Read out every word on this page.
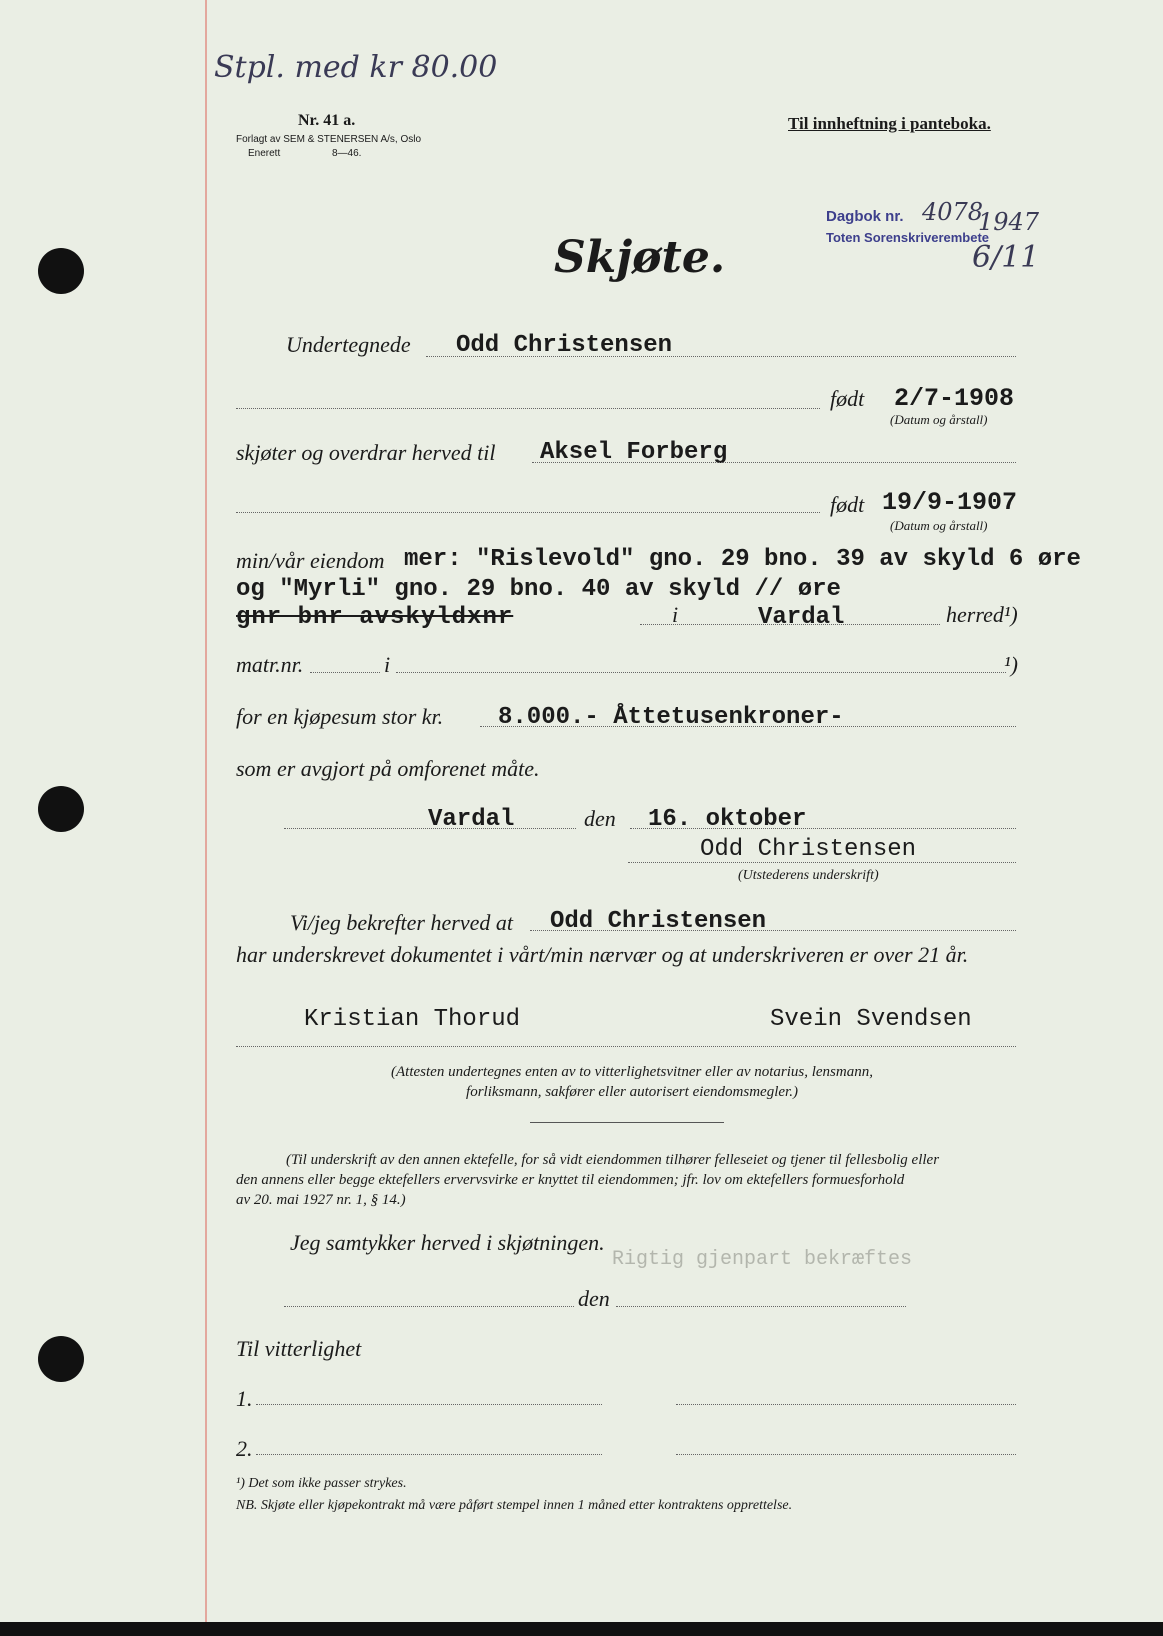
Stpl. med kr 80.00
Nr. 41 a.
Forlagt av SEM & STENERSEN A/s, Oslo
Enerett	8—46.
Til innheftning i panteboka.
Dagbok nr. 4078
1947
Toten Sorenskriverembete
6/11
Skjøte.
Undertegnede Odd Christensen
født 2/7-1908
(Datum og årstall)
skjøter og overdrar herved til Aksel Forberg
født 19/9-1907
(Datum og årstall)
min/vår eiendom mer: "Rislevold" gno. 29 bno. 39 av skyld 6 øre
og "Myrli" gno. 29 bno. 40 av skyld // øre
gnr bnr avskyldxnr	i	Vardal	herred¹)
matr.nr.	i	¹)
for en kjøpesum stor kr. 8.000.- Åttetusenkroner-
som er avgjort på omforenet måte.
Vardal	den 16. oktober
Odd Christensen
(Utstederens underskrift)
Vi/jeg bekrefter herved at Odd Christensen
har underskrevet dokumentet i vårt/min nærvær og at underskriveren er over 21 år.
Kristian Thorud	Svein Svendsen
(Attesten undertegnes enten av to vitterlighetsvitner eller av notarius, lensmann, forliksmann, sakfører eller autorisert eiendomsmegler.)
(Til underskrift av den annen ektefelle, for så vidt eiendommen tilhører felleseiet og tjener til fellesbolig eller
den annens eller begge ektefellers ervervsvirke er knyttet til eiendommen; jfr. lov om ektefellers formuesforhold
av 20. mai 1927 nr. 1, § 14.)
Jeg samtykker herved i skjøtningen.
Rigtig gjenpart bekræftes
den
Til vitterlighet
1.
2.
¹) Det som ikke passer strykes.
NB. Skjøte eller kjøpekontrakt må være påført stempel innen 1 måned etter kontraktens opprettelse.
